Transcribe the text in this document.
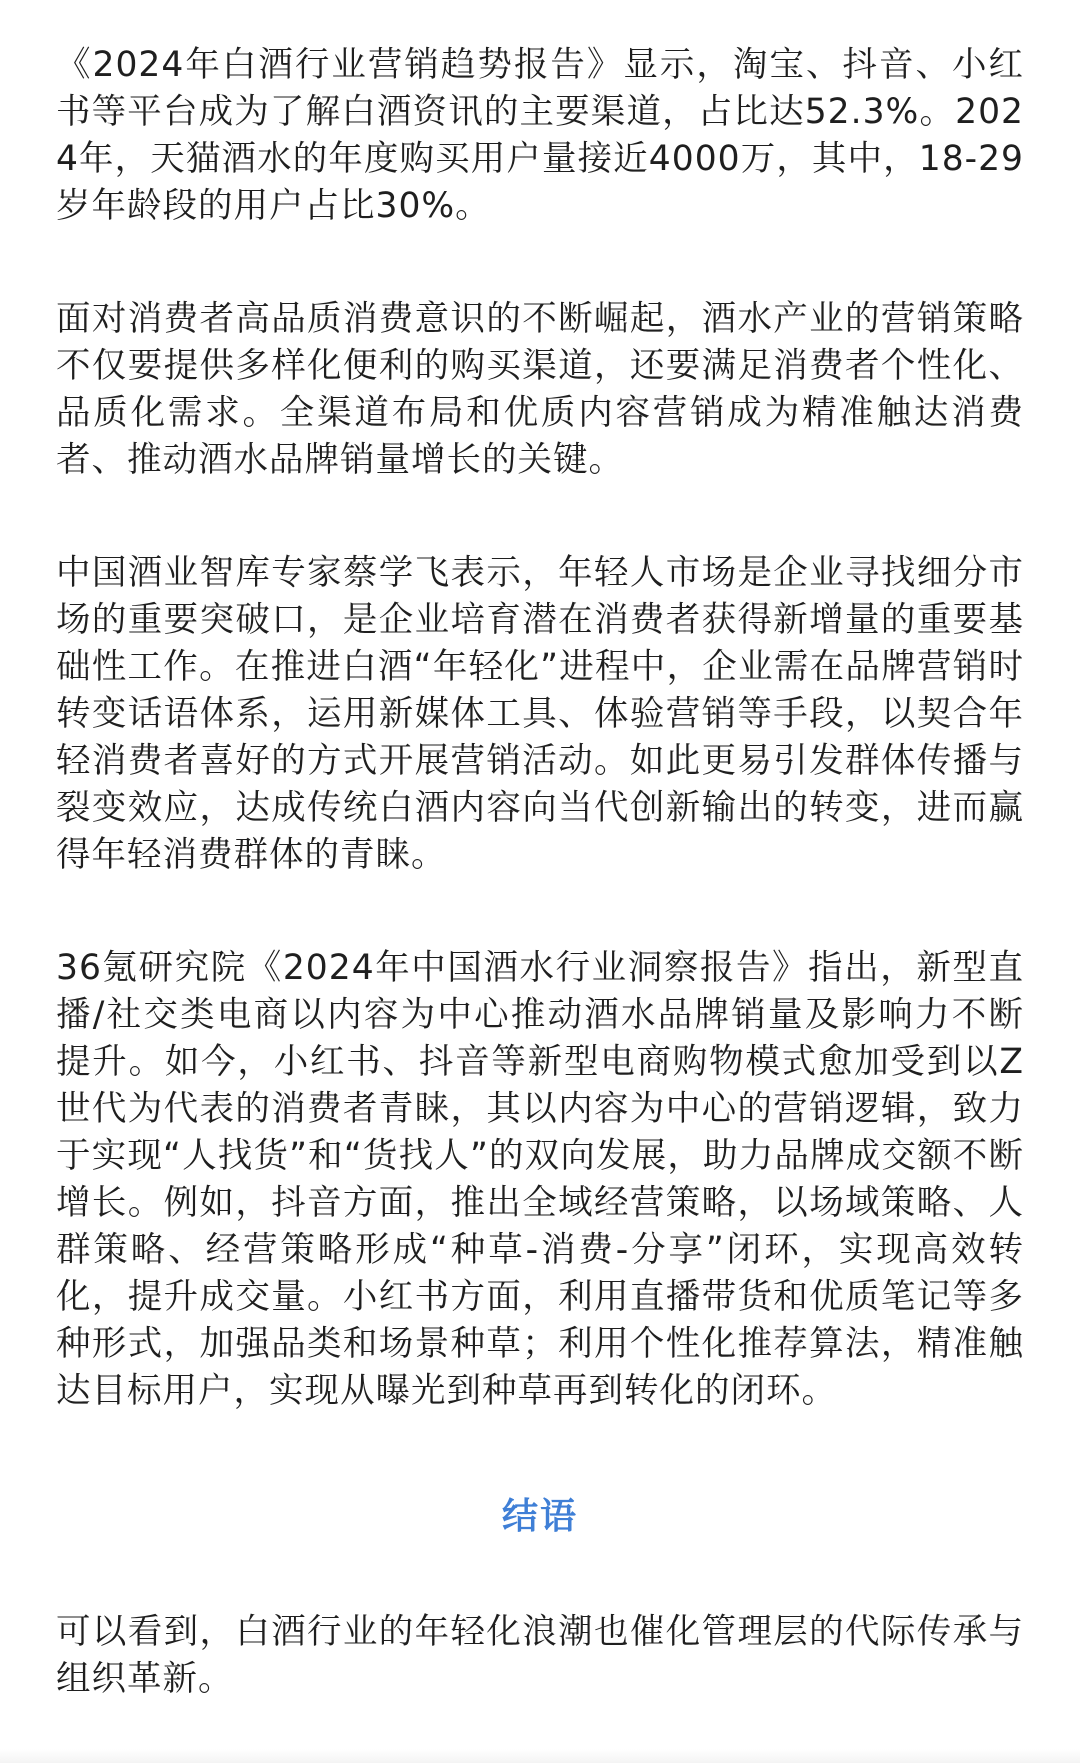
《2024年白酒行业营销趋势报告》显示，淘宝、抖音、小红书等平台成为了解白酒资讯的主要渠道，占比达52.3%。2024年，天猫酒水的年度购买用户量接近4000万，其中，18-29岁年龄段的用户占比30%。

面对消费者高品质消费意识的不断崛起，酒水产业的营销策略不仅要提供多样化便利的购买渠道，还要满足消费者个性化、品质化需求。全渠道布局和优质内容营销成为精准触达消费者、推动酒水品牌销量增长的关键。

中国酒业智库专家蔡学飞表示，年轻人市场是企业寻找细分市场的重要突破口，是企业培育潜在消费者获得新增量的重要基础性工作。在推进白酒“年轻化”进程中，企业需在品牌营销时转变话语体系，运用新媒体工具、体验营销等手段，以契合年轻消费者喜好的方式开展营销活动。如此更易引发群体传播与裂变效应，达成传统白酒内容向当代创新输出的转变，进而赢得年轻消费群体的青睐。

36氪研究院《2024年中国酒水行业洞察报告》指出，新型直播/社交类电商以内容为中心推动酒水品牌销量及影响力不断提升。如今，小红书、抖音等新型电商购物模式愈加受到以Z世代为代表的消费者青睐，其以内容为中心的营销逻辑，致力于实现“人找货”和“货找人”的双向发展，助力品牌成交额不断增长。例如，抖音方面，推出全域经营策略，以场域策略、人群策略、经营策略形成“种草-消费-分享”闭环，实现高效转化，提升成交量。小红书方面，利用直播带货和优质笔记等多种形式，加强品类和场景种草；利用个性化推荐算法，精准触达目标用户，实现从曝光到种草再到转化的闭环。

结语

可以看到，白酒行业的年轻化浪潮也催化管理层的代际传承与组织革新。
